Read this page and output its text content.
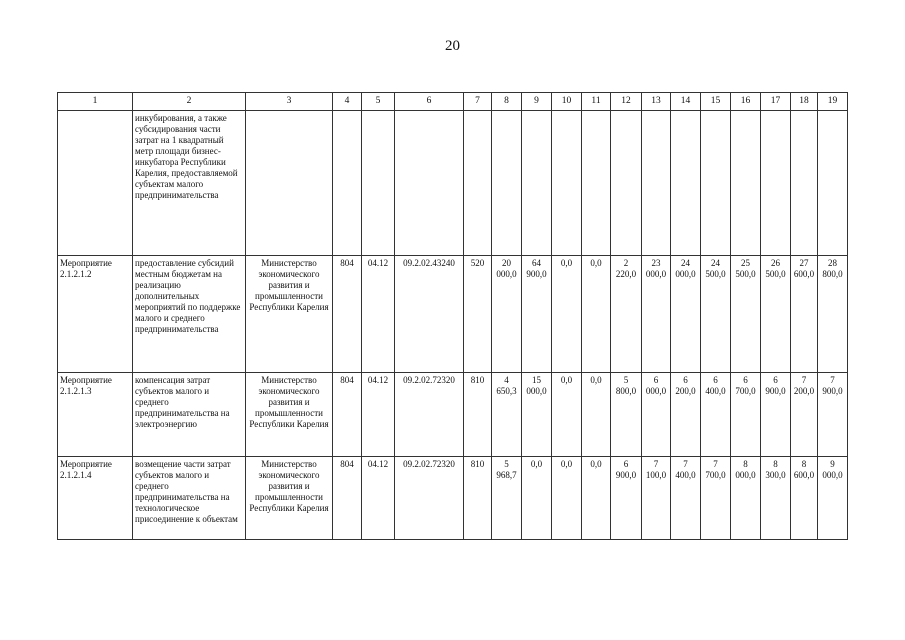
20
1	2	3	4	5	6	7	8	9	10	11	12	13	14	15	16	17	18	19
	инкубирования, а также субсидирования части затрат на 1 квадратный метр площади бизнес-инкубатора Республики Карелия, предоставляемой субъектам малого предпринимательства																	
Мероприятие 2.1.2.1.2	предоставление субсидий местным бюджетам на реализацию дополнительных мероприятий по поддержке малого и среднего предпринимательства	Министерство экономического развития и промышленности Республики Карелия	804	04.12	09.2.02.43240	520	20 000,0	64 900,0	0,0	0,0	2 220,0	23 000,0	24 000,0	24 500,0	25 500,0	26 500,0	27 600,0	28 800,0
Мероприятие 2.1.2.1.3	компенсация затрат субъектов малого и среднего предпринимательства на электроэнергию	Министерство экономического развития и промышленности Республики Карелия	804	04.12	09.2.02.72320	810	4 650,3	15 000,0	0,0	0,0	5 800,0	6 000,0	6 200,0	6 400,0	6 700,0	6 900,0	7 200,0	7 900,0
Мероприятие 2.1.2.1.4	возмещение части затрат субъектов малого и среднего предпринимательства на технологическое присоединение к объектам	Министерство экономического развития и промышленности Республики Карелия	804	04.12	09.2.02.72320	810	5 968,7	0,0	0,0	0,0	6 900,0	7 100,0	7 400,0	7 700,0	8 000,0	8 300,0	8 600,0	9 000,0
